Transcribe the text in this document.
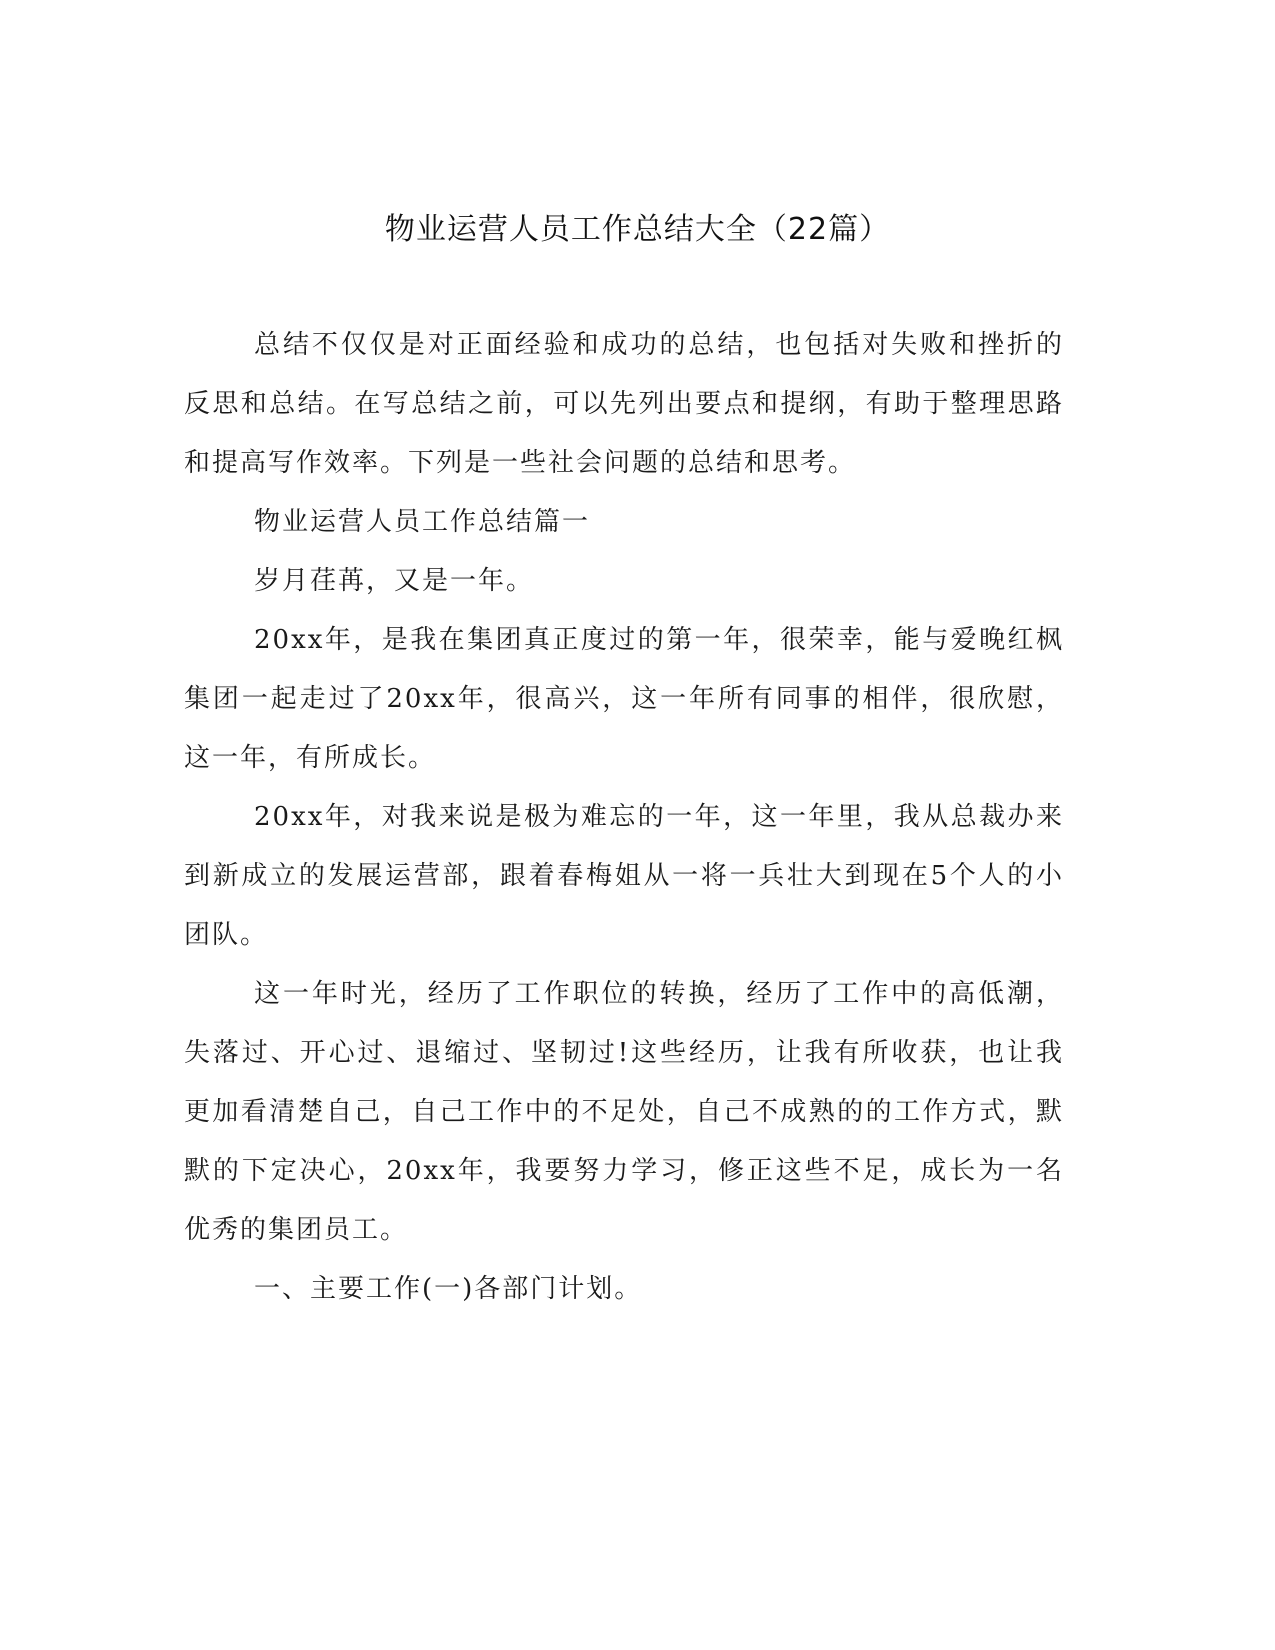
物业运营人员工作总结大全（22篇）

总结不仅仅是对正面经验和成功的总结，也包括对失败和挫折的反思和总结。在写总结之前，可以先列出要点和提纲，有助于整理思路和提高写作效率。下列是一些社会问题的总结和思考。

物业运营人员工作总结篇一

岁月荏苒，又是一年。

20xx年，是我在集团真正度过的第一年，很荣幸，能与爱晚红枫集团一起走过了20xx年，很高兴，这一年所有同事的相伴，很欣慰，这一年，有所成长。

20xx年，对我来说是极为难忘的一年，这一年里，我从总裁办来到新成立的发展运营部，跟着春梅姐从一将一兵壮大到现在5个人的小团队。

这一年时光，经历了工作职位的转换，经历了工作中的高低潮，失落过、开心过、退缩过、坚韧过!这些经历，让我有所收获，也让我更加看清楚自己，自己工作中的不足处，自己不成熟的的工作方式，默默的下定决心，20xx年，我要努力学习，修正这些不足，成长为一名优秀的集团员工。

一、主要工作(一)各部门计划。
